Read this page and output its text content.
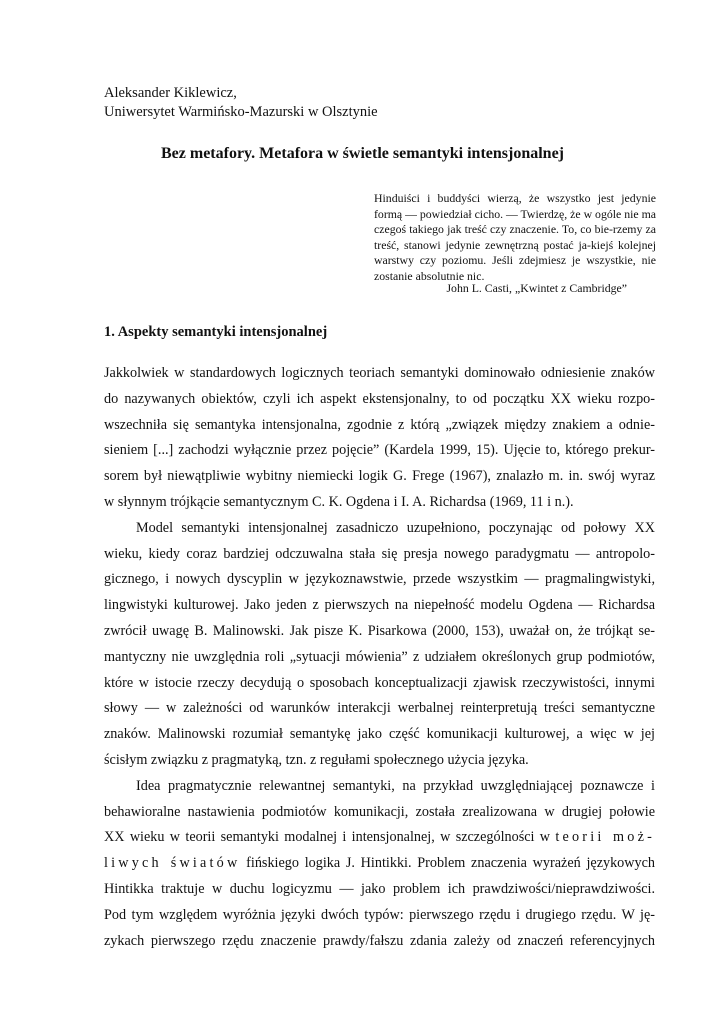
Aleksander Kiklewicz,
Uniwersytet Warmińsko-Mazurski w Olsztynie
Bez metafory. Metafora w świetle semantyki intensjonalnej
Hinduiści i buddyści wierzą, że wszystko jest jedynie formą — powiedział cicho. — Twierdzę, że w ogóle nie ma czegoś takiego jak treść czy znaczenie. To, co bie-rzemy za treść, stanowi jedynie zewnętrzną postać ja-kiejś kolejnej warstwy czy poziomu. Jeśli zdejmiesz je wszystkie, nie zostanie absolutnie nic.
John L. Casti, „Kwintet z Cambridge”
1. Aspekty semantyki intensjonalnej
Jakkolwiek w standardowych logicznych teoriach semantyki dominowało odniesienie znaków
do nazywanych obiektów, czyli ich aspekt ekstensjonalny, to od początku XX wieku rozpo-
wszechniła się semantyka intensjonalna, zgodnie z którą „związek między znakiem a odnie-
sieniem [...] zachodzi wyłącznie przez pojęcie” (Kardela 1999, 15). Ujęcie to, którego prekur-
sorem był niewątpliwie wybitny niemiecki logik G. Frege (1967), znalazło m. in. swój wyraz
w słynnym trójkącie semantycznym C. K. Ogdena i I. A. Richardsa (1969, 11 i n.).
Model semantyki intensjonalnej zasadniczo uzupełniono, poczynając od połowy XX
wieku, kiedy coraz bardziej odczuwalna stała się presja nowego paradygmatu — antropolo-
gicznego, i nowych dyscyplin w językoznawstwie, przede wszystkim — pragmalingwistyki,
lingwistyki kulturowej. Jako jeden z pierwszych na niepełność modelu Ogdena — Richardsa
zwrócił uwagę B. Malinowski. Jak pisze K. Pisarkowa (2000, 153), uważał on, że trójkąt se-
mantyczny nie uwzględnia roli „sytuacji mówienia” z udziałem określonych grup podmiotów,
które w istocie rzeczy decydują o sposobach konceptualizacji zjawisk rzeczywistości, innymi
słowy — w zależności od warunków interakcji werbalnej reinterpretują treści semantyczne
znaków. Malinowski rozumiał semantykę jako część komunikacji kulturowej, a więc w jej
ścisłym związku z pragmatyką, tzn. z regułami społecznego użycia języka.
Idea pragmatycznie relewantnej semantyki, na przykład uwzględniającej poznawcze i
behawioralne nastawienia podmiotów komunikacji, została zrealizowana w drugiej połowie
XX wieku w teorii semantyki modalnej i intensjonalnej, w szczególności w teorii moż-
liwych światów fińskiego logika J. Hintikki. Problem znaczenia wyrażeń językowych
Hintikka traktuje w duchu logicyzmu — jako problem ich prawdziwości/nieprawdziwości.
Pod tym względem wyróżnia języki dwóch typów: pierwszego rzędu i drugiego rzędu. W ję-
zykach pierwszego rzędu znaczenie prawdy/fałszu zdania zależy od znaczeń referencyjnych
